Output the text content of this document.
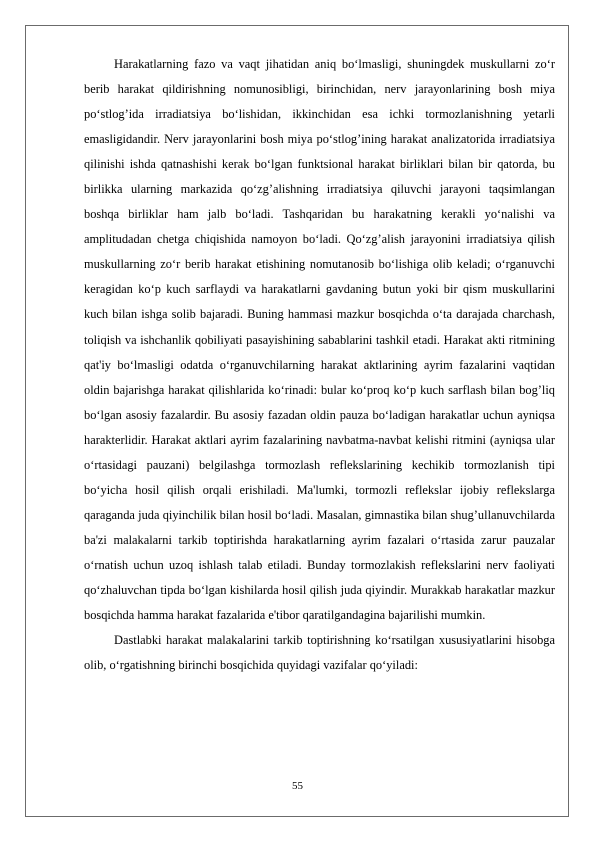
Harakatlarning fazo va vaqt jihatidan aniq bo‘lmasligi, shuningdek muskullarni zo‘r berib harakat qildirishning nomunosibligi, birinchidan, nerv jarayonlarining bosh miya po‘stlog’ida irradiatsiya bo‘lishidan, ikkinchidan esa ichki tormozlanishning yetarli emasligidandir. Nerv jarayonlarini bosh miya po‘stlog’ining harakat analizatorida irradiatsiya qilinishi ishda qatnashishi kerak bo‘lgan funktsional harakat birliklari bilan bir qatorda, bu birlikka ularning markazida qo‘zg’alishning irradiatsiya qiluvchi jarayoni taqsimlangan boshqa birliklar ham jalb bo‘ladi. Tashqaridan bu harakatning kerakli yo‘nalishi va amplitudadan chetga chiqishida namoyon bo‘ladi. Qo‘zg’alish jarayonini irradiatsiya qilish muskullarning zo‘r berib harakat etishining nomutanosib bo‘lishiga olib keladi; o‘rganuvchi keragidan ko‘p kuch sarflaydi va harakatlarni gavdaning butun yoki bir qism muskullarini kuch bilan ishga solib bajaradi. Buning hammasi mazkur bosqichda o‘ta darajada charchash, toliqish va ishchanlik qobiliyati pasayishining sabablarini tashkil etadi. Harakat akti ritmining qat'iy bo‘lmasligi odatda o‘rganuvchilarning harakat aktlarining ayrim fazalarini vaqtidan oldin bajarishga harakat qilishlarida ko‘rinadi: bular ko‘proq ko‘p kuch sarflash bilan bog’liq bo‘lgan asosiy fazalardir. Bu asosiy fazadan oldin pauza bo‘ladigan harakatlar uchun ayniqsa harakterlidir. Harakat aktlari ayrim fazalarining navbatma-navbat kelishi ritmini (ayniqsa ular o‘rtasidagi pauzani) belgilashga tormozlash reflekslarining kechikib tormozlanish tipi bo‘yicha hosil qilish orqali erishiladi. Ma'lumki, tormozli reflekslar ijobiy reflekslarga qaraganda juda qiyinchilik bilan hosil bo‘ladi. Masalan, gimnastika bilan shug’ullanuvchilarda ba'zi malakalarni tarkib toptirishda harakatlarning ayrim fazalari o‘rtasida zarur pauzalar o‘rnatish uchun uzoq ishlash talab etiladi. Bunday tormozlakish reflekslarini nerv faoliyati qo‘zhaluvchan tipda bo‘lgan kishilarda hosil qilish juda qiyindir. Murakkab harakatlar mazkur bosqichda hamma harakat fazalarida e'tibor qaratilgandagina bajarilishi mumkin.

Dastlabki harakat malakalarini tarkib toptirishning ko‘rsatilgan xususiyatlarini hisobga olib, o‘rgatishning birinchi bosqichida quyidagi vazifalar qo‘yiladi:

55
